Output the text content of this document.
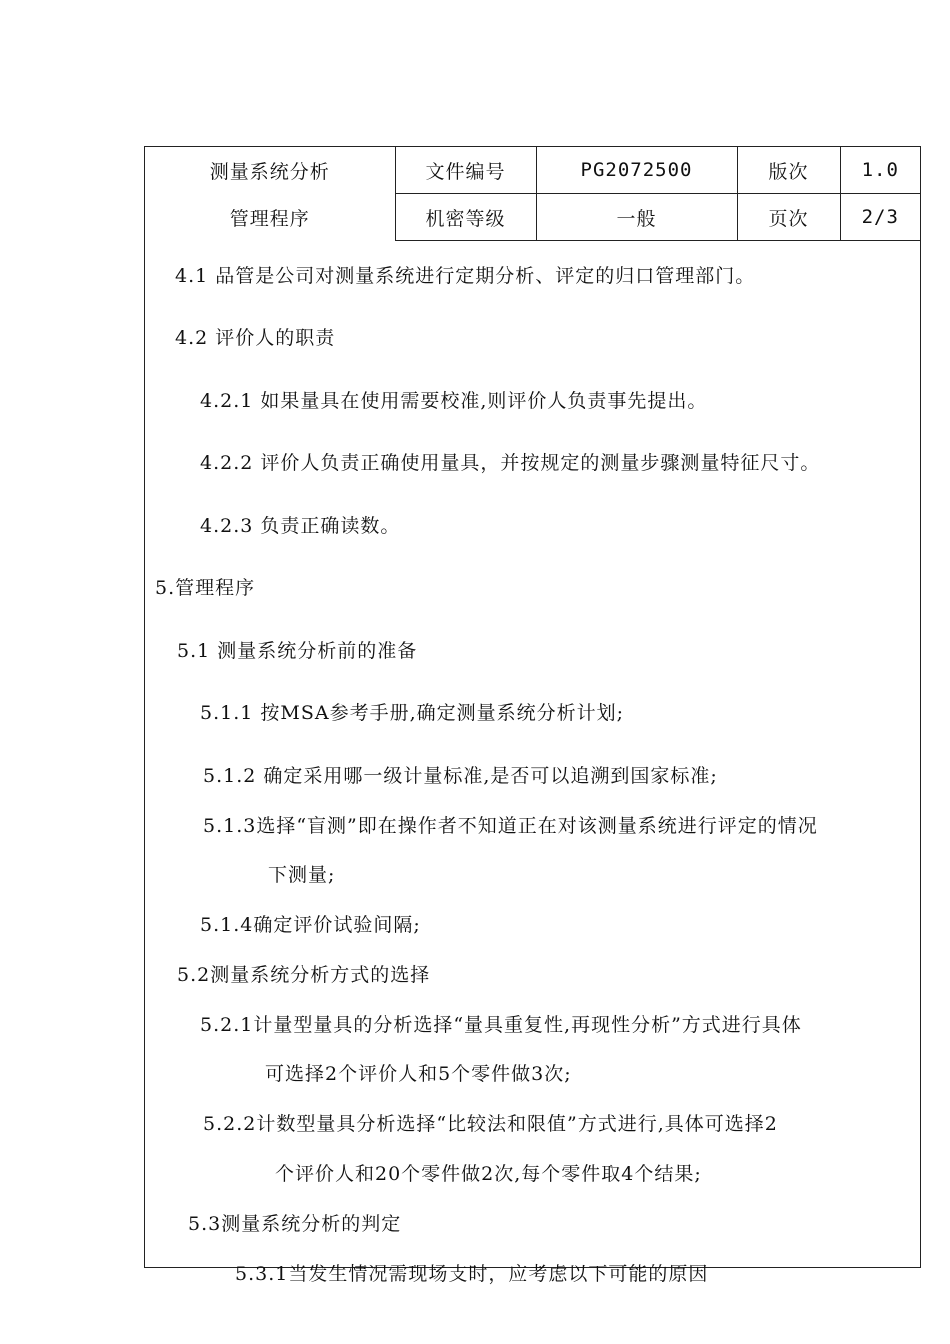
测量系统分析	文件编号	PG2072500	版次	1.0
管理程序	机密等级	一般	页次	2/3
4.1 品管是公司对测量系统进行定期分析、评定的归口管理部门。
4.2 评价人的职责
4.2.1 如果量具在使用需要校准,则评价人负责事先提出。
4.2.2 评价人负责正确使用量具，并按规定的测量步骤测量特征尺寸。
4.2.3 负责正确读数。
5.管理程序
5.1 测量系统分析前的准备
5.1.1 按MSA参考手册,确定测量系统分析计划;
5.1.2 确定采用哪一级计量标准,是否可以追溯到国家标准;
5.1.3选择“盲测”即在操作者不知道正在对该测量系统进行评定的情况
下测量;
5.1.4确定评价试验间隔;
5.2测量系统分析方式的选择
5.2.1计量型量具的分析选择“量具重复性,再现性分析”方式进行具体
可选择2个评价人和5个零件做3次;
5.2.2计数型量具分析选择“比较法和限值”方式进行,具体可选择2
个评价人和20个零件做2次,每个零件取4个结果;
5.3测量系统分析的判定
5.3.1当发生情况需现场支时，应考虑以下可能的原因
